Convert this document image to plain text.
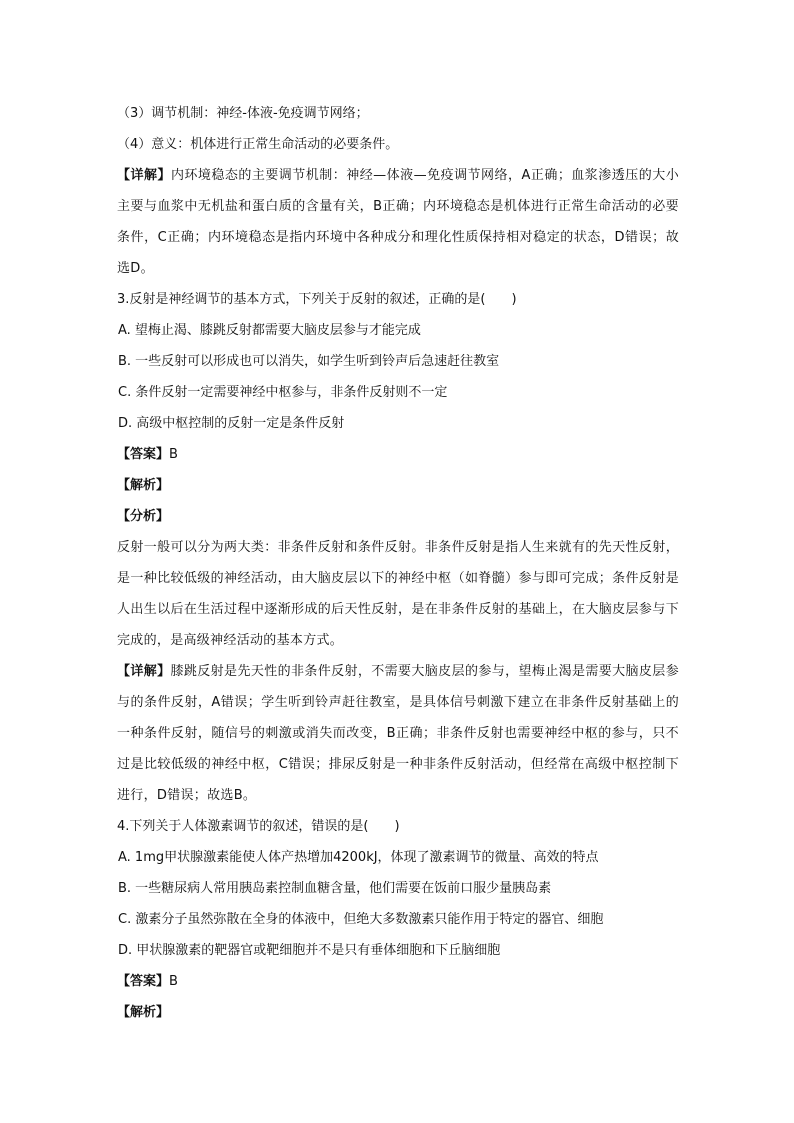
（3）调节机制：神经-体液-免疫调节网络；

（4）意义：机体进行正常生命活动的必要条件。

【详解】内环境稳态的主要调节机制：神经—体液—免疫调节网络，A正确；血浆渗透压的大小主要与血浆中无机盐和蛋白质的含量有关，B正确；内环境稳态是机体进行正常生命活动的必要条件，C正确；内环境稳态是指内环境中各种成分和理化性质保持相对稳定的状态，D错误；故选D。

3.反射是神经调节的基本方式，下列关于反射的叙述，正确的是(　　)

A. 望梅止渴、膝跳反射都需要大脑皮层参与才能完成

B. 一些反射可以形成也可以消失，如学生听到铃声后急速赶往教室

C. 条件反射一定需要神经中枢参与，非条件反射则不一定

D. 高级中枢控制的反射一定是条件反射

【答案】B

【解析】

【分析】

反射一般可以分为两大类：非条件反射和条件反射。非条件反射是指人生来就有的先天性反射，是一种比较低级的神经活动，由大脑皮层以下的神经中枢（如脊髓）参与即可完成；条件反射是人出生以后在生活过程中逐渐形成的后天性反射，是在非条件反射的基础上，在大脑皮层参与下完成的，是高级神经活动的基本方式。

【详解】膝跳反射是先天性的非条件反射，不需要大脑皮层的参与，望梅止渴是需要大脑皮层参与的条件反射，A错误；学生听到铃声赶往教室，是具体信号刺激下建立在非条件反射基础上的一种条件反射，随信号的刺激或消失而改变，B正确；非条件反射也需要神经中枢的参与，只不过是比较低级的神经中枢，C错误；排尿反射是一种非条件反射活动，但经常在高级中枢控制下进行，D错误；故选B。

4.下列关于人体激素调节的叙述，错误的是(　　)

A. 1mg甲状腺激素能使人体产热增加4200kJ，体现了激素调节的微量、高效的特点

B. 一些糖尿病人常用胰岛素控制血糖含量，他们需要在饭前口服少量胰岛素

C. 激素分子虽然弥散在全身的体液中，但绝大多数激素只能作用于特定的器官、细胞

D. 甲状腺激素的靶器官或靶细胞并不是只有垂体细胞和下丘脑细胞

【答案】B

【解析】
